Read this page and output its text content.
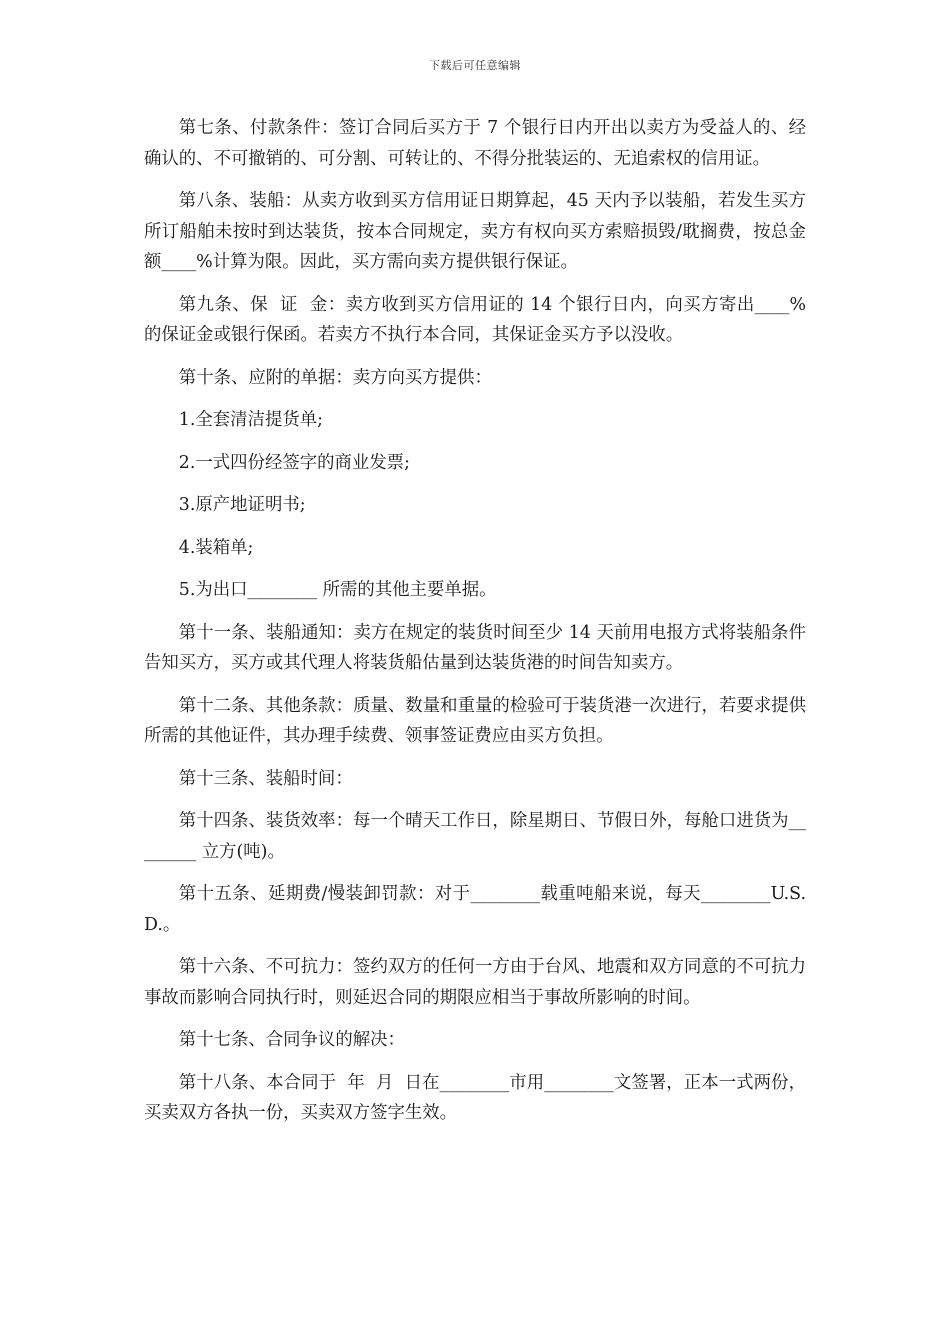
下载后可任意编辑

第七条、付款条件：签订合同后买方于 7 个银行日内开出以卖方为受益人的、经确认的、不可撤销的、可分割、可转让的、不得分批装运的、无追索权的信用证。

第八条、装船：从卖方收到买方信用证日期算起，45 天内予以装船，若发生买方所订船舶未按时到达装货，按本合同规定，卖方有权向买方索赔损毁/耽搁费，按总金额____%计算为限。因此，买方需向卖方提供银行保证。

第九条、保  证  金：卖方收到买方信用证的 14 个银行日内，向买方寄出____%的保证金或银行保函。若卖方不执行本合同，其保证金买方予以没收。

第十条、应附的单据：卖方向买方提供：

1.全套清洁提货单;

2.一式四份经签字的商业发票;

3.原产地证明书;

4.装箱单;

5.为出口________ 所需的其他主要单据。

第十一条、装船通知：卖方在规定的装货时间至少 14 天前用电报方式将装船条件告知买方，买方或其代理人将装货船估量到达装货港的时间告知卖方。

第十二条、其他条款：质量、数量和重量的检验可于装货港一次进行，若要求提供所需的其他证件，其办理手续费、领事签证费应由买方负担。

第十三条、装船时间：

第十四条、装货效率：每一个晴天工作日，除星期日、节假日外，每舱口进货为________ 立方(吨)。

第十五条、延期费/慢装卸罚款：对于________载重吨船来说，每天________U.S.D.。

第十六条、不可抗力：签约双方的任何一方由于台风、地震和双方同意的不可抗力事故而影响合同执行时，则延迟合同的期限应相当于事故所影响的时间。

第十七条、合同争议的解决：

第十八条、本合同于  年  月  日在________市用________文签署，正本一式两份，买卖双方各执一份，买卖双方签字生效。
